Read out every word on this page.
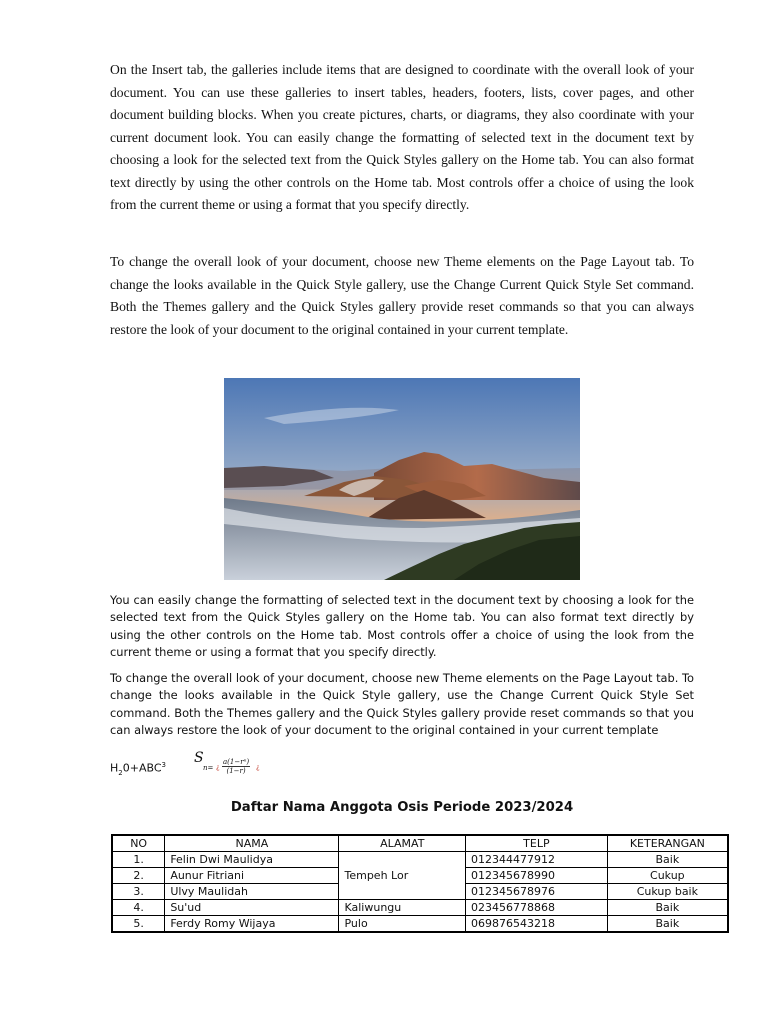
On the Insert tab, the galleries include items that are designed to coordinate with the overall look of your document. You can use these galleries to insert tables, headers, footers, lists, cover pages, and other document building blocks. When you create pictures, charts, or diagrams, they also coordinate with your current document look. You can easily change the formatting of selected text in the document text by choosing a look for the selected text from the Quick Styles gallery on the Home tab. You can also format text directly by using the other controls on the Home tab. Most controls offer a choice of using the look from the current theme or using a format that you specify directly.

To change the overall look of your document, choose new Theme elements on the Page Layout tab. To change the looks available in the Quick Style gallery, use the Change Current Quick Style Set command. Both the Themes gallery and the Quick Styles gallery provide reset commands so that you can always restore the look of your document to the original contained in your current template.

You can easily change the formatting of selected text in the document text by choosing a look for the selected text from the Quick Styles gallery on the Home tab. You can also format text directly by using the other controls on the Home tab. Most controls offer a choice of using the look from the current theme or using a format that you specify directly.

To change the overall look of your document, choose new Theme elements on the Page Layout tab. To change the looks available in the Quick Style gallery, use the Change Current Quick Style Set command. Both the Themes gallery and the Quick Styles gallery provide reset commands so that you can always restore the look of your document to the original contained in your current template

$H_20+ABC^3$ S
n= ¿ $\frac{\text{a(1−rⁿ)}}{(1-r)}$ ¿
Daftar Nama Anggota Osis Periode 2023/2024
NO	NAMA	ALAMAT	TELP	KETERANGAN
1.	Felin Dwi Maulidya	Tempeh Lor	012344477912	Baik
2.	Aunur Fitriani		012345678990	Cukup
3.	Ulvy Maulidah		012345678976	Cukup baik
4.	Su'ud	Kaliwungu	023456778868	Baik
5.	Ferdy Romy Wijaya	Pulo	069876543218	Baik
